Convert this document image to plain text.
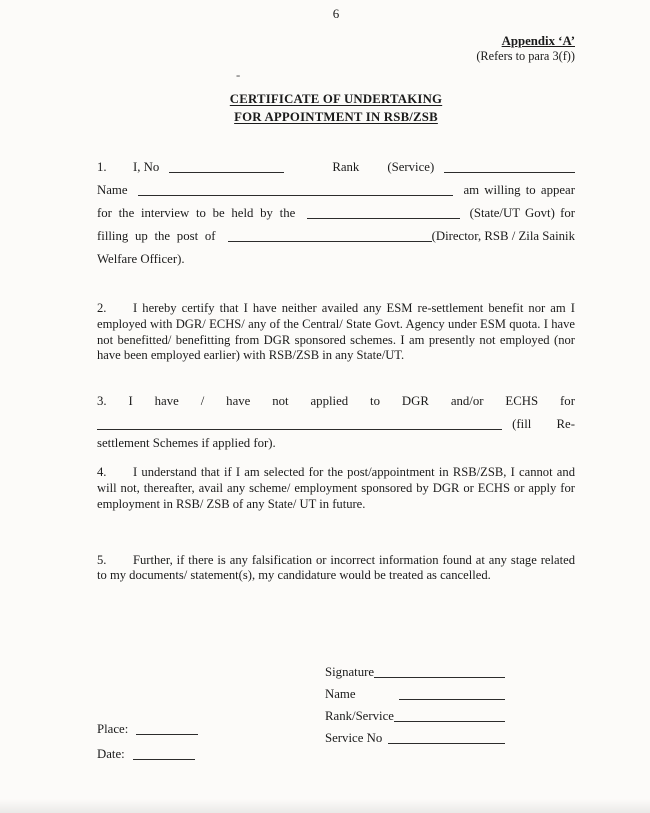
6
-
Appendix ‘A’
(Refers to para 3(f))
CERTIFICATE OF UNDERTAKING
FOR APPOINTMENT IN RSB/ZSB
1.	I, No	Rank (Service)
Name	am willing to appear
for the interview to be held by the	(State/UT Govt) for
filling up the post of	(Director, RSB / Zila Sainik
Welfare Officer).

2. I hereby certify that I have neither availed any ESM re-settlement benefit nor am I employed with DGR/ ECHS/ any of the Central/ State Govt. Agency under ESM quota. I have not benefitted/ benefitting from DGR sponsored schemes. I am presently not employed (nor have been employed earlier) with RSB/ZSB in any State/UT.

3. I have / have not applied to DGR and/or ECHS for
(fill Re-
settlement Schemes if applied for).

4. I understand that if I am selected for the post/appointment in RSB/ZSB, I cannot and will not, thereafter, avail any scheme/ employment sponsored by DGR or ECHS or apply for employment in RSB/ ZSB of any State/ UT in future.

5. Further, if there is any falsification or incorrect information found at any stage related to my documents/ statement(s), my candidature would be treated as cancelled.

Signature
Name
Rank/Service
Service No
Place:
Date:
